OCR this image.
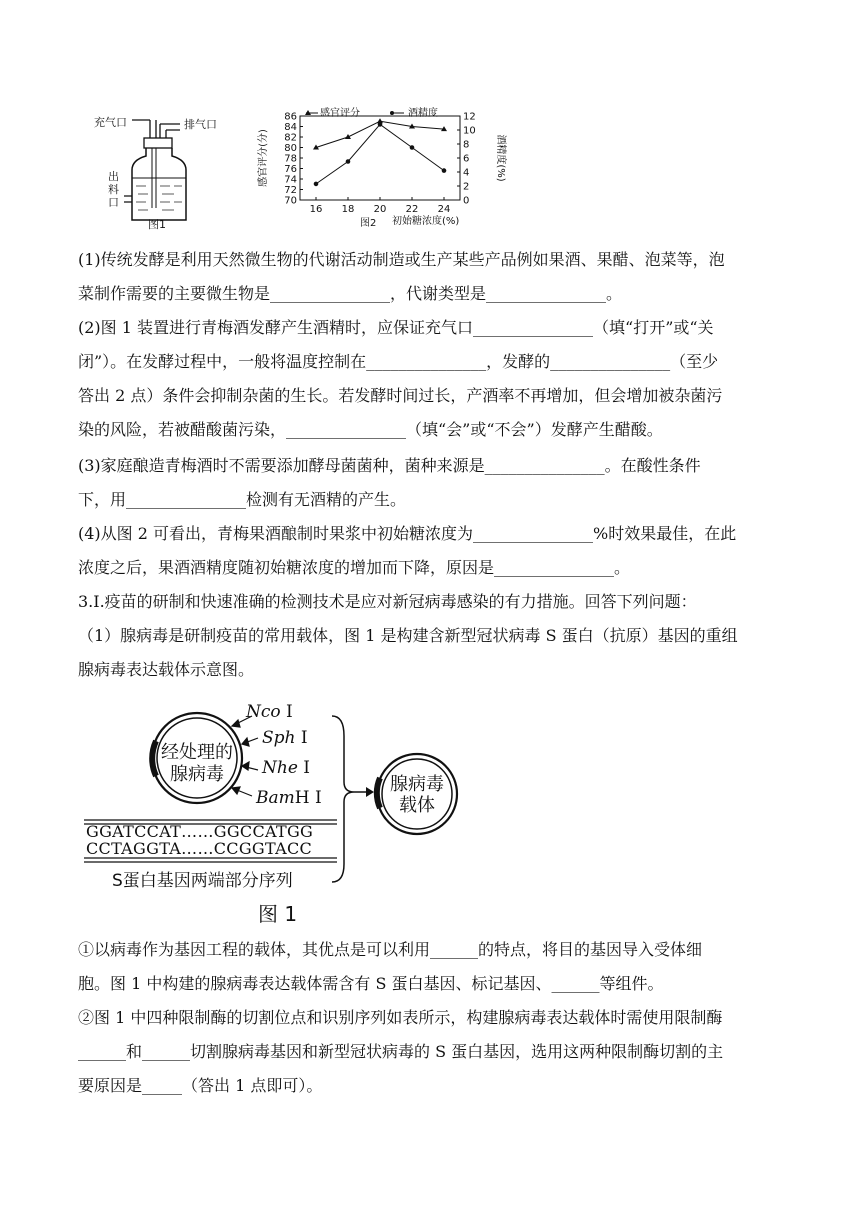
充气口	排气口
出料口
图1
16 18 20 22 24
70
72
74
76
78
80
82
84
86
0
2
4
6
8
10
12
感官评分	酒精度
感官评分(分)	酒精度(%)
图2 初始糖浓度(%)
(1)传统发酵是利用天然微生物的代谢活动制造或生产某些产品例如果酒、果醋、泡菜等，泡
菜制作需要的主要微生物是_______________，代谢类型是_______________。
(2)图 1 装置进行青梅酒发酵产生酒精时，应保证充气口_______________（填“打开”或“关
闭”）。在发酵过程中，一般将温度控制在_______________，发酵的_______________（至少
答出 2 点）条件会抑制杂菌的生长。若发酵时间过长，产酒率不再增加，但会增加被杂菌污
染的风险，若被醋酸菌污染，_______________（填“会”或“不会”）发酵产生醋酸。
(3)家庭酿造青梅酒时不需要添加酵母菌菌种，菌种来源是_______________。在酸性条件
下，用_______________检测有无酒精的产生。
(4)从图 2 可看出，青梅果酒酿制时果浆中初始糖浓度为_______________%时效果最佳，在此
浓度之后，果酒酒精度随初始糖浓度的增加而下降，原因是_______________。
3.Ⅰ.疫苗的研制和快速准确的检测技术是应对新冠病毒感染的有力措施。回答下列问题：
（1）腺病毒是研制疫苗的常用载体，图 1 是构建含新型冠状病毒 S 蛋白（抗原）基因的重组
腺病毒表达载体示意图。
经处理的
腺病毒
Nco I
Sph I
Nhe I
BamH I
GGATCCAT……GGCCATGG
CCTAGGTA……CCGGTACC
S蛋白基因两端部分序列
腺病毒
载体
图 1
①以病毒作为基因工程的载体，其优点是可以利用______的特点，将目的基因导入受体细
胞。图 1 中构建的腺病毒表达载体需含有 S 蛋白基因、标记基因、______等组件。
②图 1 中四种限制酶的切割位点和识别序列如表所示，构建腺病毒表达载体时需使用限制酶
______和______切割腺病毒基因和新型冠状病毒的 S 蛋白基因，选用这两种限制酶切割的主
要原因是_____（答出 1 点即可）。
